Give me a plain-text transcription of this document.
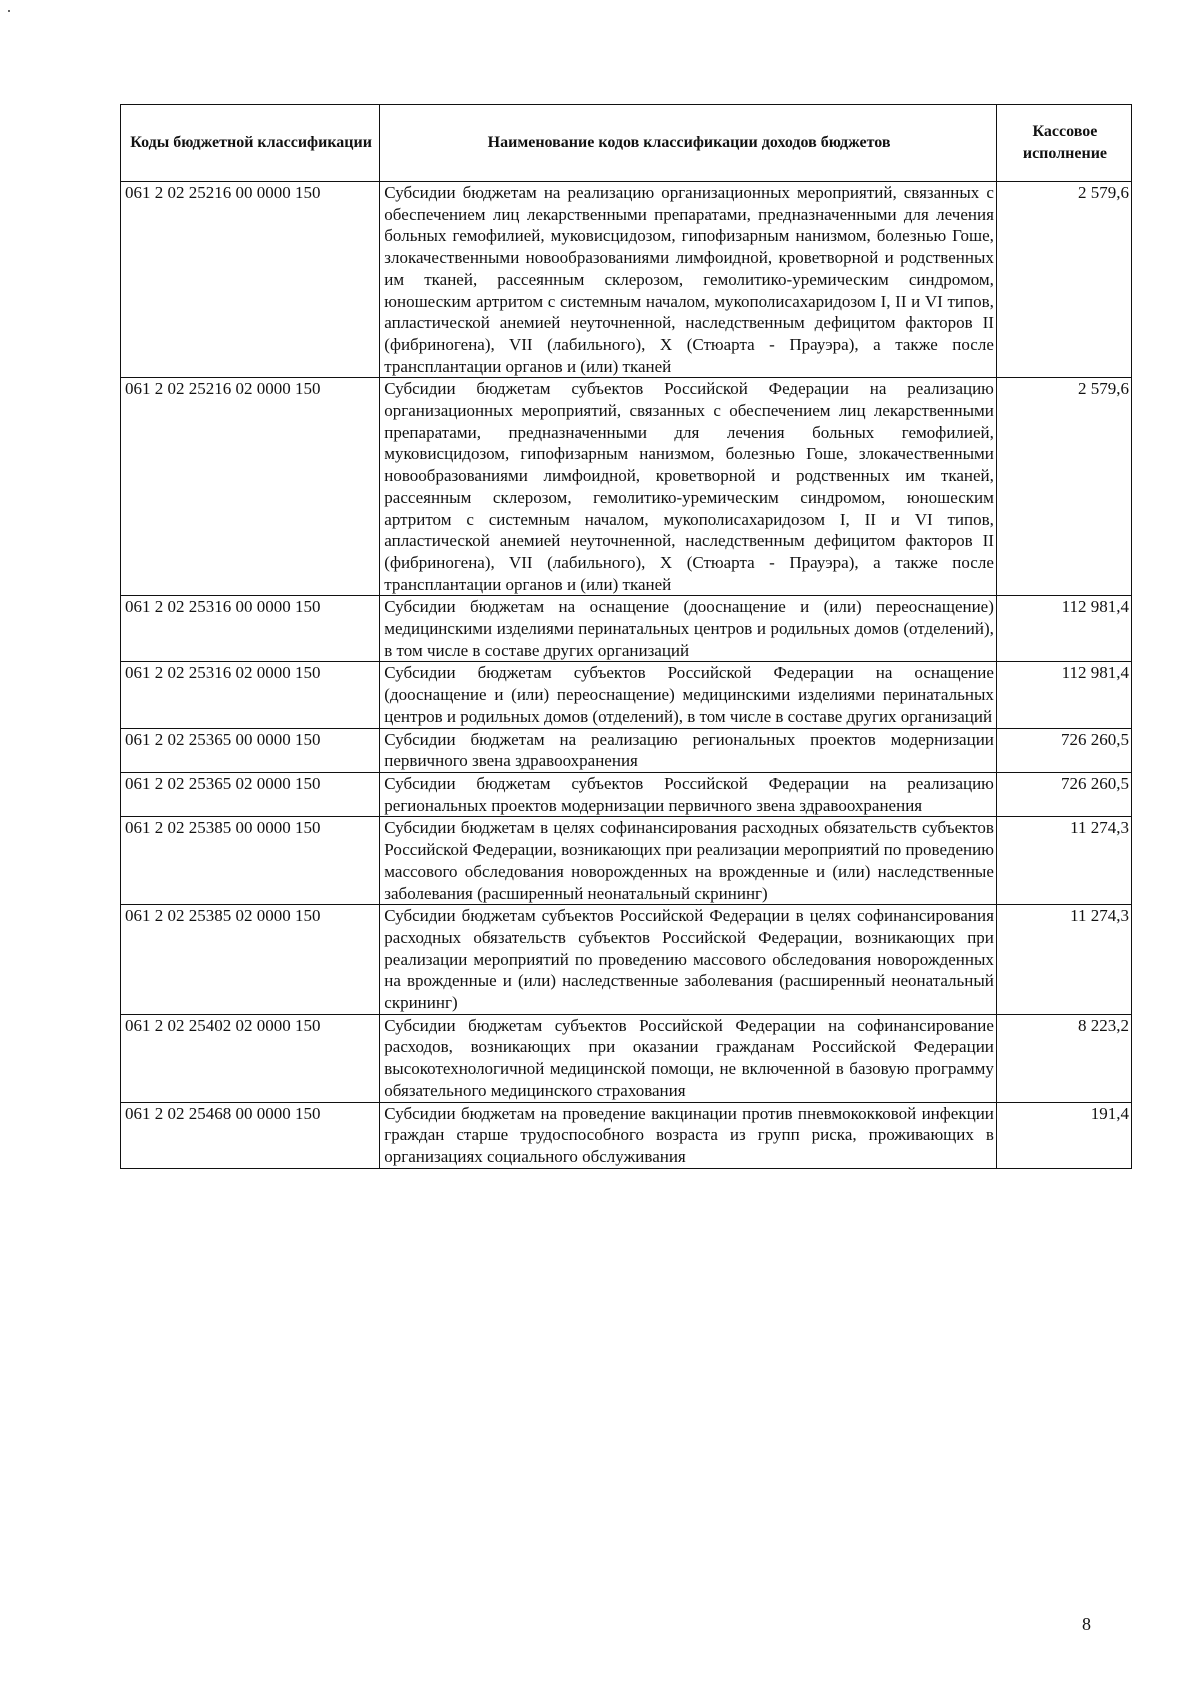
Коды бюджетной классификации	Наименование кодов классификации доходов бюджетов	Кассовое исполнение
061 2 02 25216 00 0000 150	Субсидии бюджетам на реализацию организационных мероприятий, связанных с обеспечением лиц лекарственными препаратами, предназначенными для лечения больных гемофилией, муковисцидозом, гипофизарным нанизмом, болезнью Гоше, злокачественными новообразованиями лимфоидной, кроветворной и родственных им тканей, рассеянным склерозом, гемолитико-уремическим синдромом, юношеским артритом с системным началом, мукополисахаридозом I, II и VI типов, апластической анемией неуточненной, наследственным дефицитом факторов II (фибриногена), VII (лабильного), X (Стюарта - Прауэра), а также после трансплантации органов и (или) тканей	2 579,6
061 2 02 25216 02 0000 150	Субсидии бюджетам субъектов Российской Федерации на реализацию организационных мероприятий, связанных с обеспечением лиц лекарственными препаратами, предназначенными для лечения больных гемофилией, муковисцидозом, гипофизарным нанизмом, болезнью Гоше, злокачественными новообразованиями лимфоидной, кроветворной и родственных им тканей, рассеянным склерозом, гемолитико-уремическим синдромом, юношеским артритом с системным началом, мукополисахаридозом I, II и VI типов, апластической анемией неуточненной, наследственным дефицитом факторов II (фибриногена), VII (лабильного), X (Стюарта - Прауэра), а также после трансплантации органов и (или) тканей	2 579,6
061 2 02 25316 00 0000 150	Субсидии бюджетам на оснащение (дооснащение и (или) переоснащение) медицинскими изделиями перинатальных центров и родильных домов (отделений), в том числе в составе других организаций	112 981,4
061 2 02 25316 02 0000 150	Субсидии бюджетам субъектов Российской Федерации на оснащение (дооснащение и (или) переоснащение) медицинскими изделиями перинатальных центров и родильных домов (отделений), в том числе в составе других организаций	112 981,4
061 2 02 25365 00 0000 150	Субсидии бюджетам на реализацию региональных проектов модернизации первичного звена здравоохранения	726 260,5
061 2 02 25365 02 0000 150	Субсидии бюджетам субъектов Российской Федерации на реализацию региональных проектов модернизации первичного звена здравоохранения	726 260,5
061 2 02 25385 00 0000 150	Субсидии бюджетам в целях софинансирования расходных обязательств субъектов Российской Федерации, возникающих при реализации мероприятий по проведению массового обследования новорожденных на врожденные и (или) наследственные заболевания (расширенный неонатальный скрининг)	11 274,3
061 2 02 25385 02 0000 150	Субсидии бюджетам субъектов Российской Федерации в целях софинансирования расходных обязательств субъектов Российской Федерации, возникающих при реализации мероприятий по проведению массового обследования новорожденных на врожденные и (или) наследственные заболевания (расширенный неонатальный скрининг)	11 274,3
061 2 02 25402 02 0000 150	Субсидии бюджетам субъектов Российской Федерации на софинансирование расходов, возникающих при оказании гражданам Российской Федерации высокотехнологичной медицинской помощи, не включенной в базовую программу обязательного медицинского страхования	8 223,2
061 2 02 25468 00 0000 150	Субсидии бюджетам на проведение вакцинации против пневмококковой инфекции граждан старше трудоспособного возраста из групп риска, проживающих в организациях социального обслуживания	191,4
8
